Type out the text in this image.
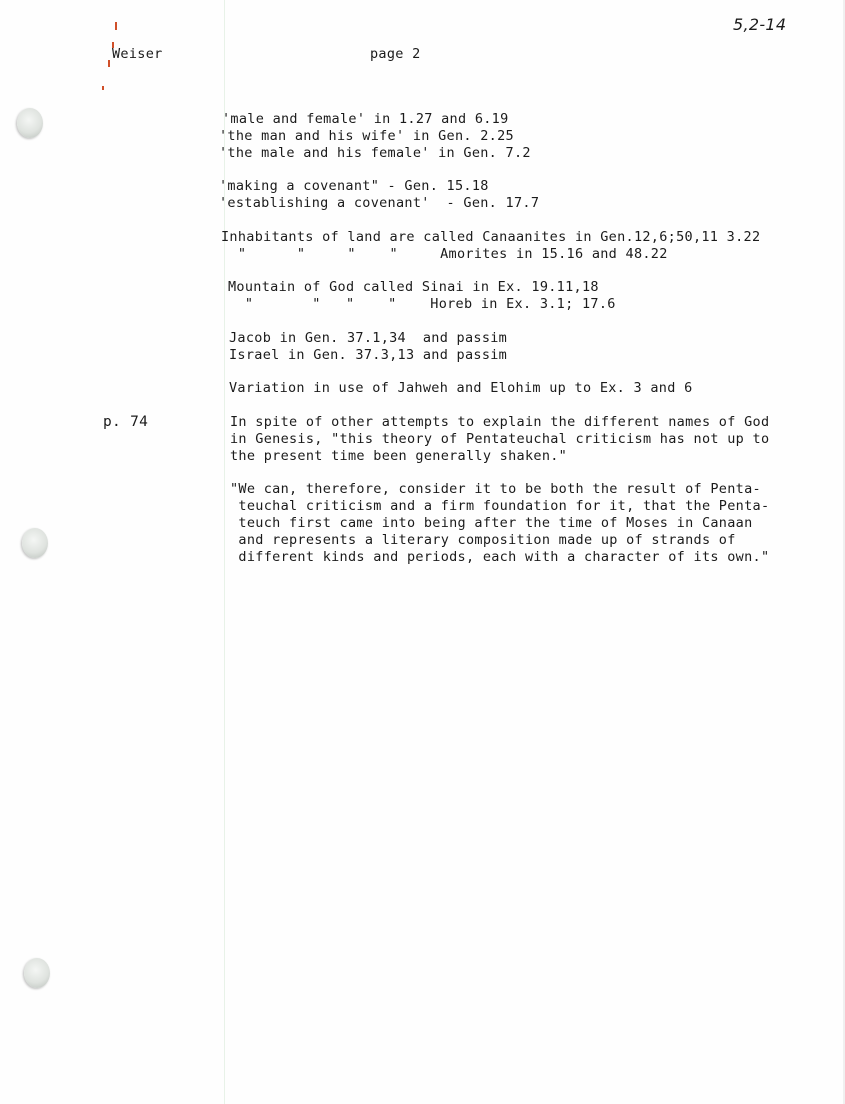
Weiser	page 2
5,2-14
p. 74
'male and female' in 1.27 and 6.19
'the man and his wife' in Gen. 2.25
'the male and his female' in Gen. 7.2
'making a covenant" - Gen. 15.18
'establishing a covenant'  - Gen. 17.7
Inhabitants of land are called Canaanites in Gen.12,6;50,11 3.22
"      "     "    "     Amorites in 15.16 and 48.22
Mountain of God called Sinai in Ex. 19.11,18
"       "   "    "    Horeb in Ex. 3.1; 17.6
Jacob in Gen. 37.1,34  and passim
Israel in Gen. 37.3,13 and passim
Variation in use of Jahweh and Elohim up to Ex. 3 and 6
In spite of other attempts to explain the different names of God
in Genesis, "this theory of Pentateuchal criticism has not up to
the present time been generally shaken."
"We can, therefore, consider it to be both the result of Penta-
teuchal criticism and a firm foundation for it, that the Penta-
teuch first came into being after the time of Moses in Canaan
and represents a literary composition made up of strands of
different kinds and periods, each with a character of its own."
